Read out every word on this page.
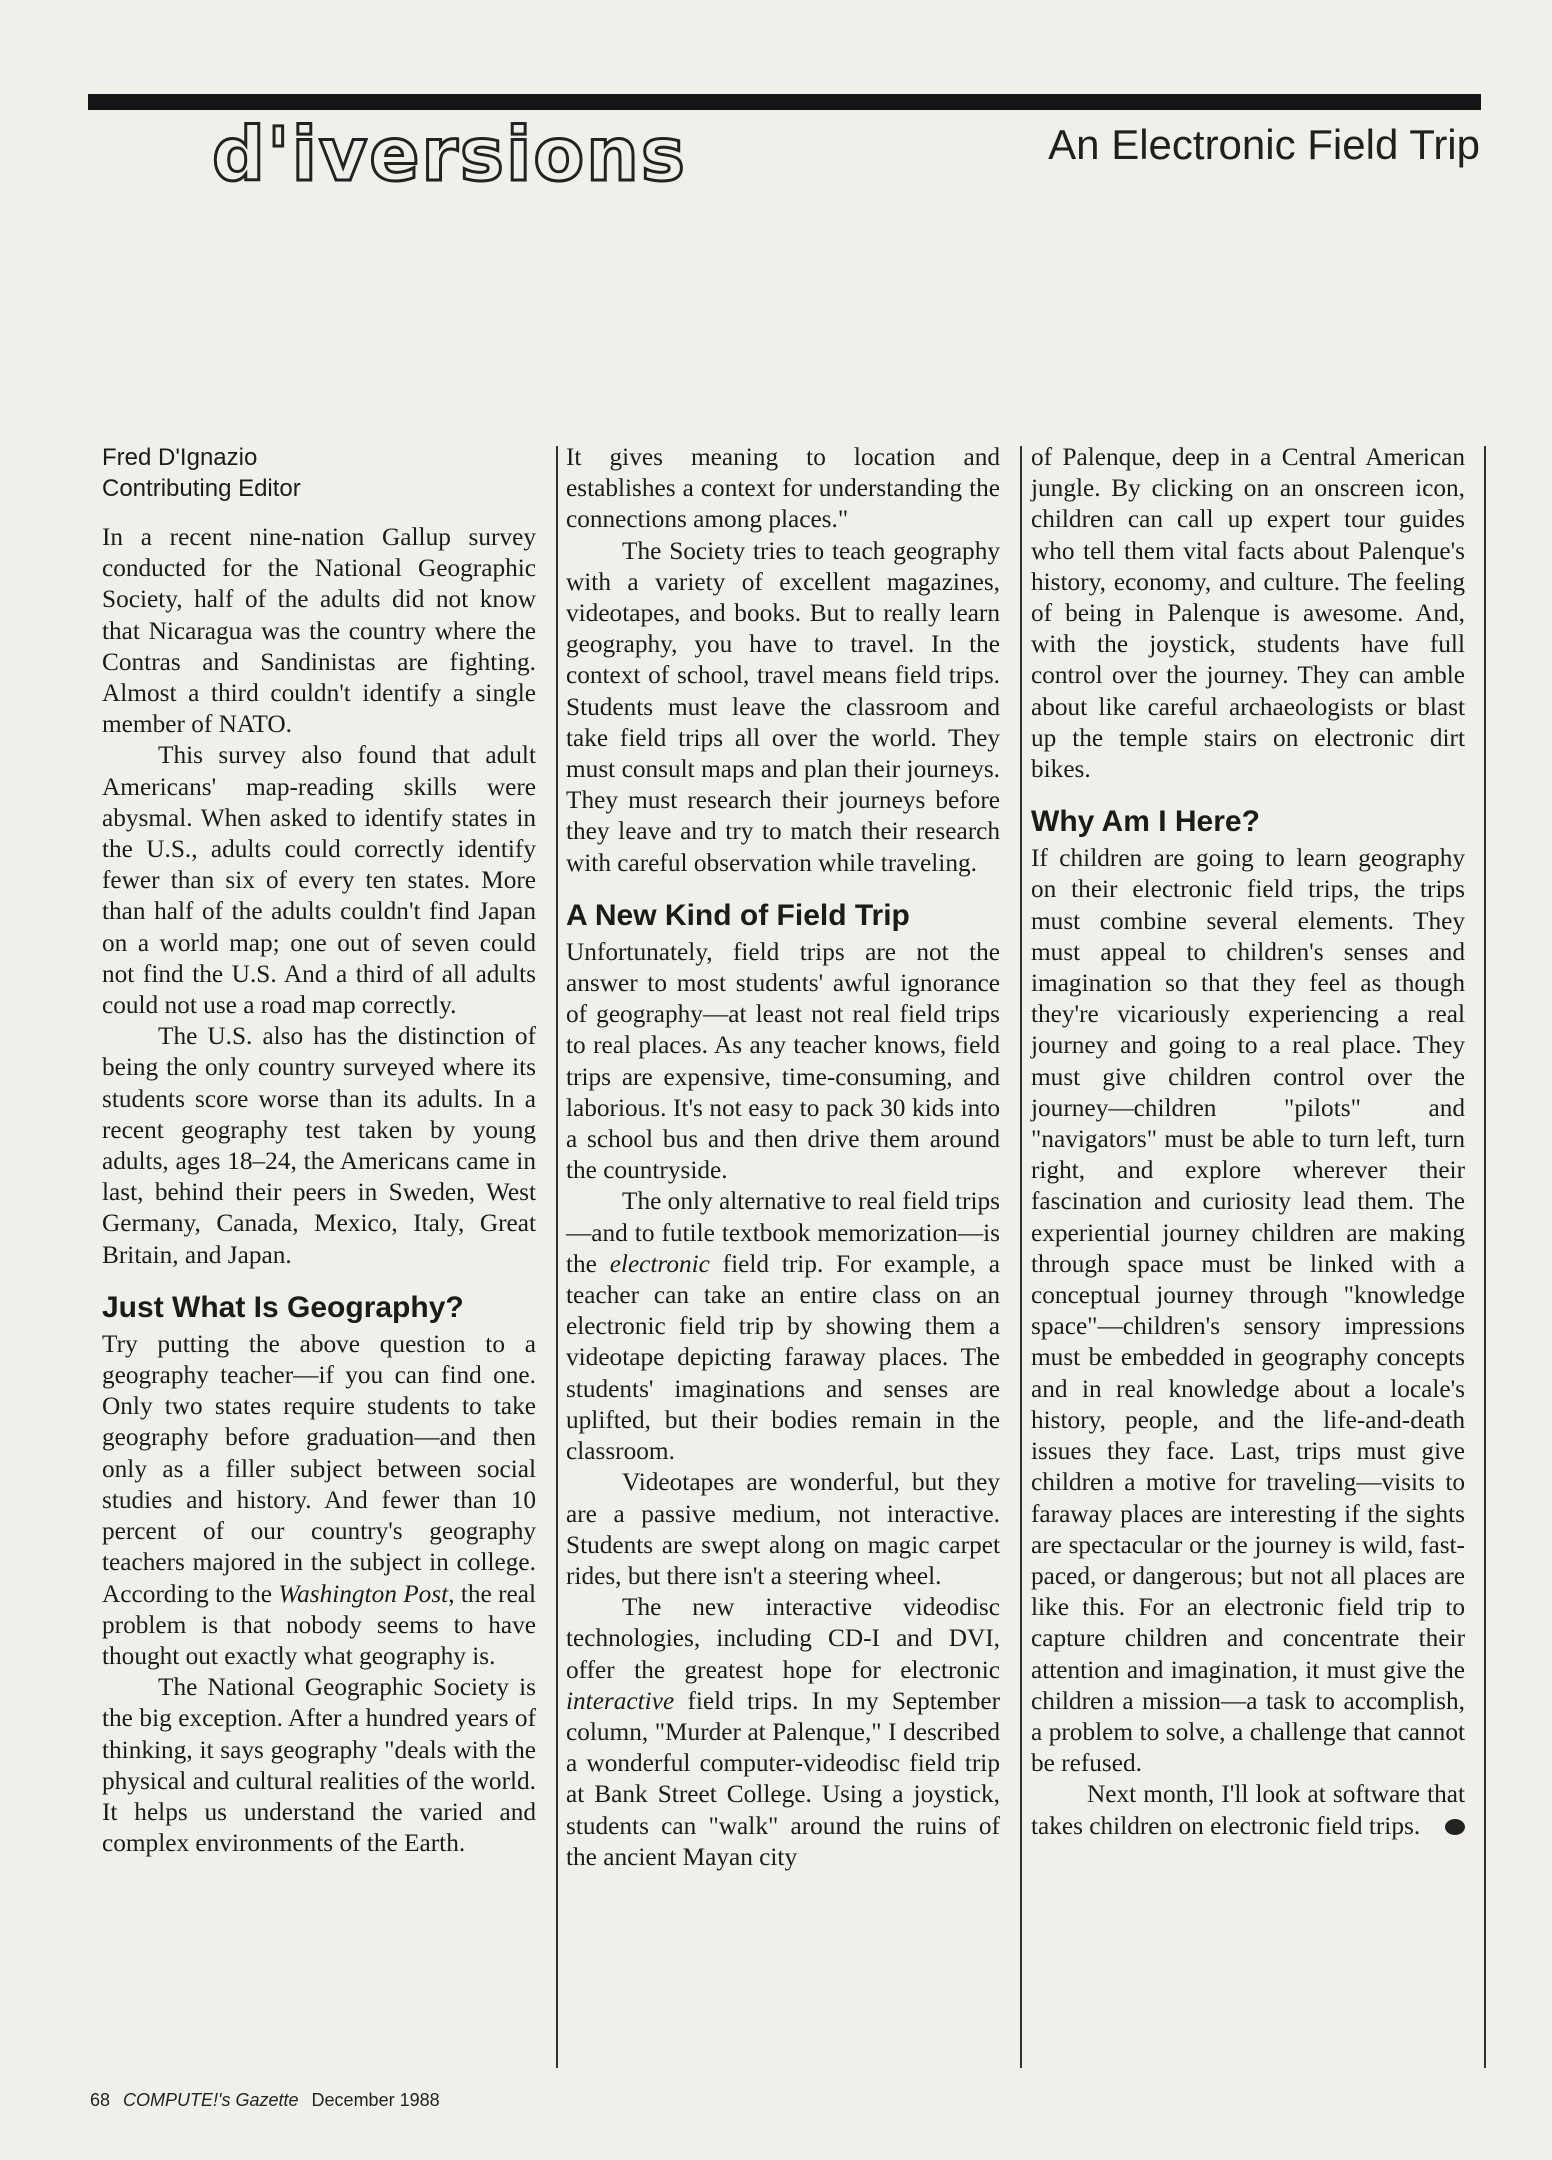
d'iversions	An Electronic Field Trip

Fred D'Ignazio
Contributing Editor

In a recent nine-nation Gallup survey conducted for the National Geographic Society, half of the adults did not know that Nicaragua was the country where the Contras and Sandinistas are fighting. Almost a third couldn't identify a single member of NATO.

This survey also found that adult Americans' map-reading skills were abysmal. When asked to identify states in the U.S., adults could correctly identify fewer than six of every ten states. More than half of the adults couldn't find Japan on a world map; one out of seven could not find the U.S. And a third of all adults could not use a road map correctly.

The U.S. also has the distinction of being the only country surveyed where its students score worse than its adults. In a recent geography test taken by young adults, ages 18–24, the Americans came in last, behind their peers in Sweden, West Germany, Canada, Mexico, Italy, Great Britain, and Japan.

Just What Is Geography?

Try putting the above question to a geography teacher—if you can find one. Only two states require students to take geography before graduation—and then only as a filler subject between social studies and history. And fewer than 10 percent of our country's geography teachers majored in the subject in college. According to the Washington Post, the real problem is that nobody seems to have thought out exactly what geography is.

The National Geographic Society is the big exception. After a hundred years of thinking, it says geography "deals with the physical and cultural realities of the world. It helps us understand the varied and complex environments of the Earth.

It gives meaning to location and establishes a context for understanding the connections among places."

The Society tries to teach geography with a variety of excellent magazines, videotapes, and books. But to really learn geography, you have to travel. In the context of school, travel means field trips. Students must leave the classroom and take field trips all over the world. They must consult maps and plan their journeys. They must research their journeys before they leave and try to match their research with careful observation while traveling.

A New Kind of Field Trip

Unfortunately, field trips are not the answer to most students' awful ignorance of geography—at least not real field trips to real places. As any teacher knows, field trips are expensive, time-consuming, and laborious. It's not easy to pack 30 kids into a school bus and then drive them around the countryside.

The only alternative to real field trips—and to futile textbook memorization—is the electronic field trip. For example, a teacher can take an entire class on an electronic field trip by showing them a videotape depicting faraway places. The students' imaginations and senses are uplifted, but their bodies remain in the classroom.

Videotapes are wonderful, but they are a passive medium, not interactive. Students are swept along on magic carpet rides, but there isn't a steering wheel.

The new interactive videodisc technologies, including CD-I and DVI, offer the greatest hope for electronic interactive field trips. In my September column, "Murder at Palenque," I described a wonderful computer-videodisc field trip at Bank Street College. Using a joystick, students can "walk" around the ruins of the ancient Mayan city

of Palenque, deep in a Central American jungle. By clicking on an onscreen icon, children can call up expert tour guides who tell them vital facts about Palenque's history, economy, and culture. The feeling of being in Palenque is awesome. And, with the joystick, students have full control over the journey. They can amble about like careful archaeologists or blast up the temple stairs on electronic dirt bikes.

Why Am I Here?

If children are going to learn geography on their electronic field trips, the trips must combine several elements. They must appeal to children's senses and imagination so that they feel as though they're vicariously experiencing a real journey and going to a real place. They must give children control over the journey—children "pilots" and "navigators" must be able to turn left, turn right, and explore wherever their fascination and curiosity lead them. The experiential journey children are making through space must be linked with a conceptual journey through "knowledge space"—children's sensory impressions must be embedded in geography concepts and in real knowledge about a locale's history, people, and the life-and-death issues they face. Last, trips must give children a motive for traveling—visits to faraway places are interesting if the sights are spectacular or the journey is wild, fast-paced, or dangerous; but not all places are like this. For an electronic field trip to capture children and concentrate their attention and imagination, it must give the children a mission—a task to accomplish, a problem to solve, a challenge that cannot be refused.

Next month, I'll look at software that takes children on electronic field trips.

68 COMPUTE!'s Gazette December 1988
